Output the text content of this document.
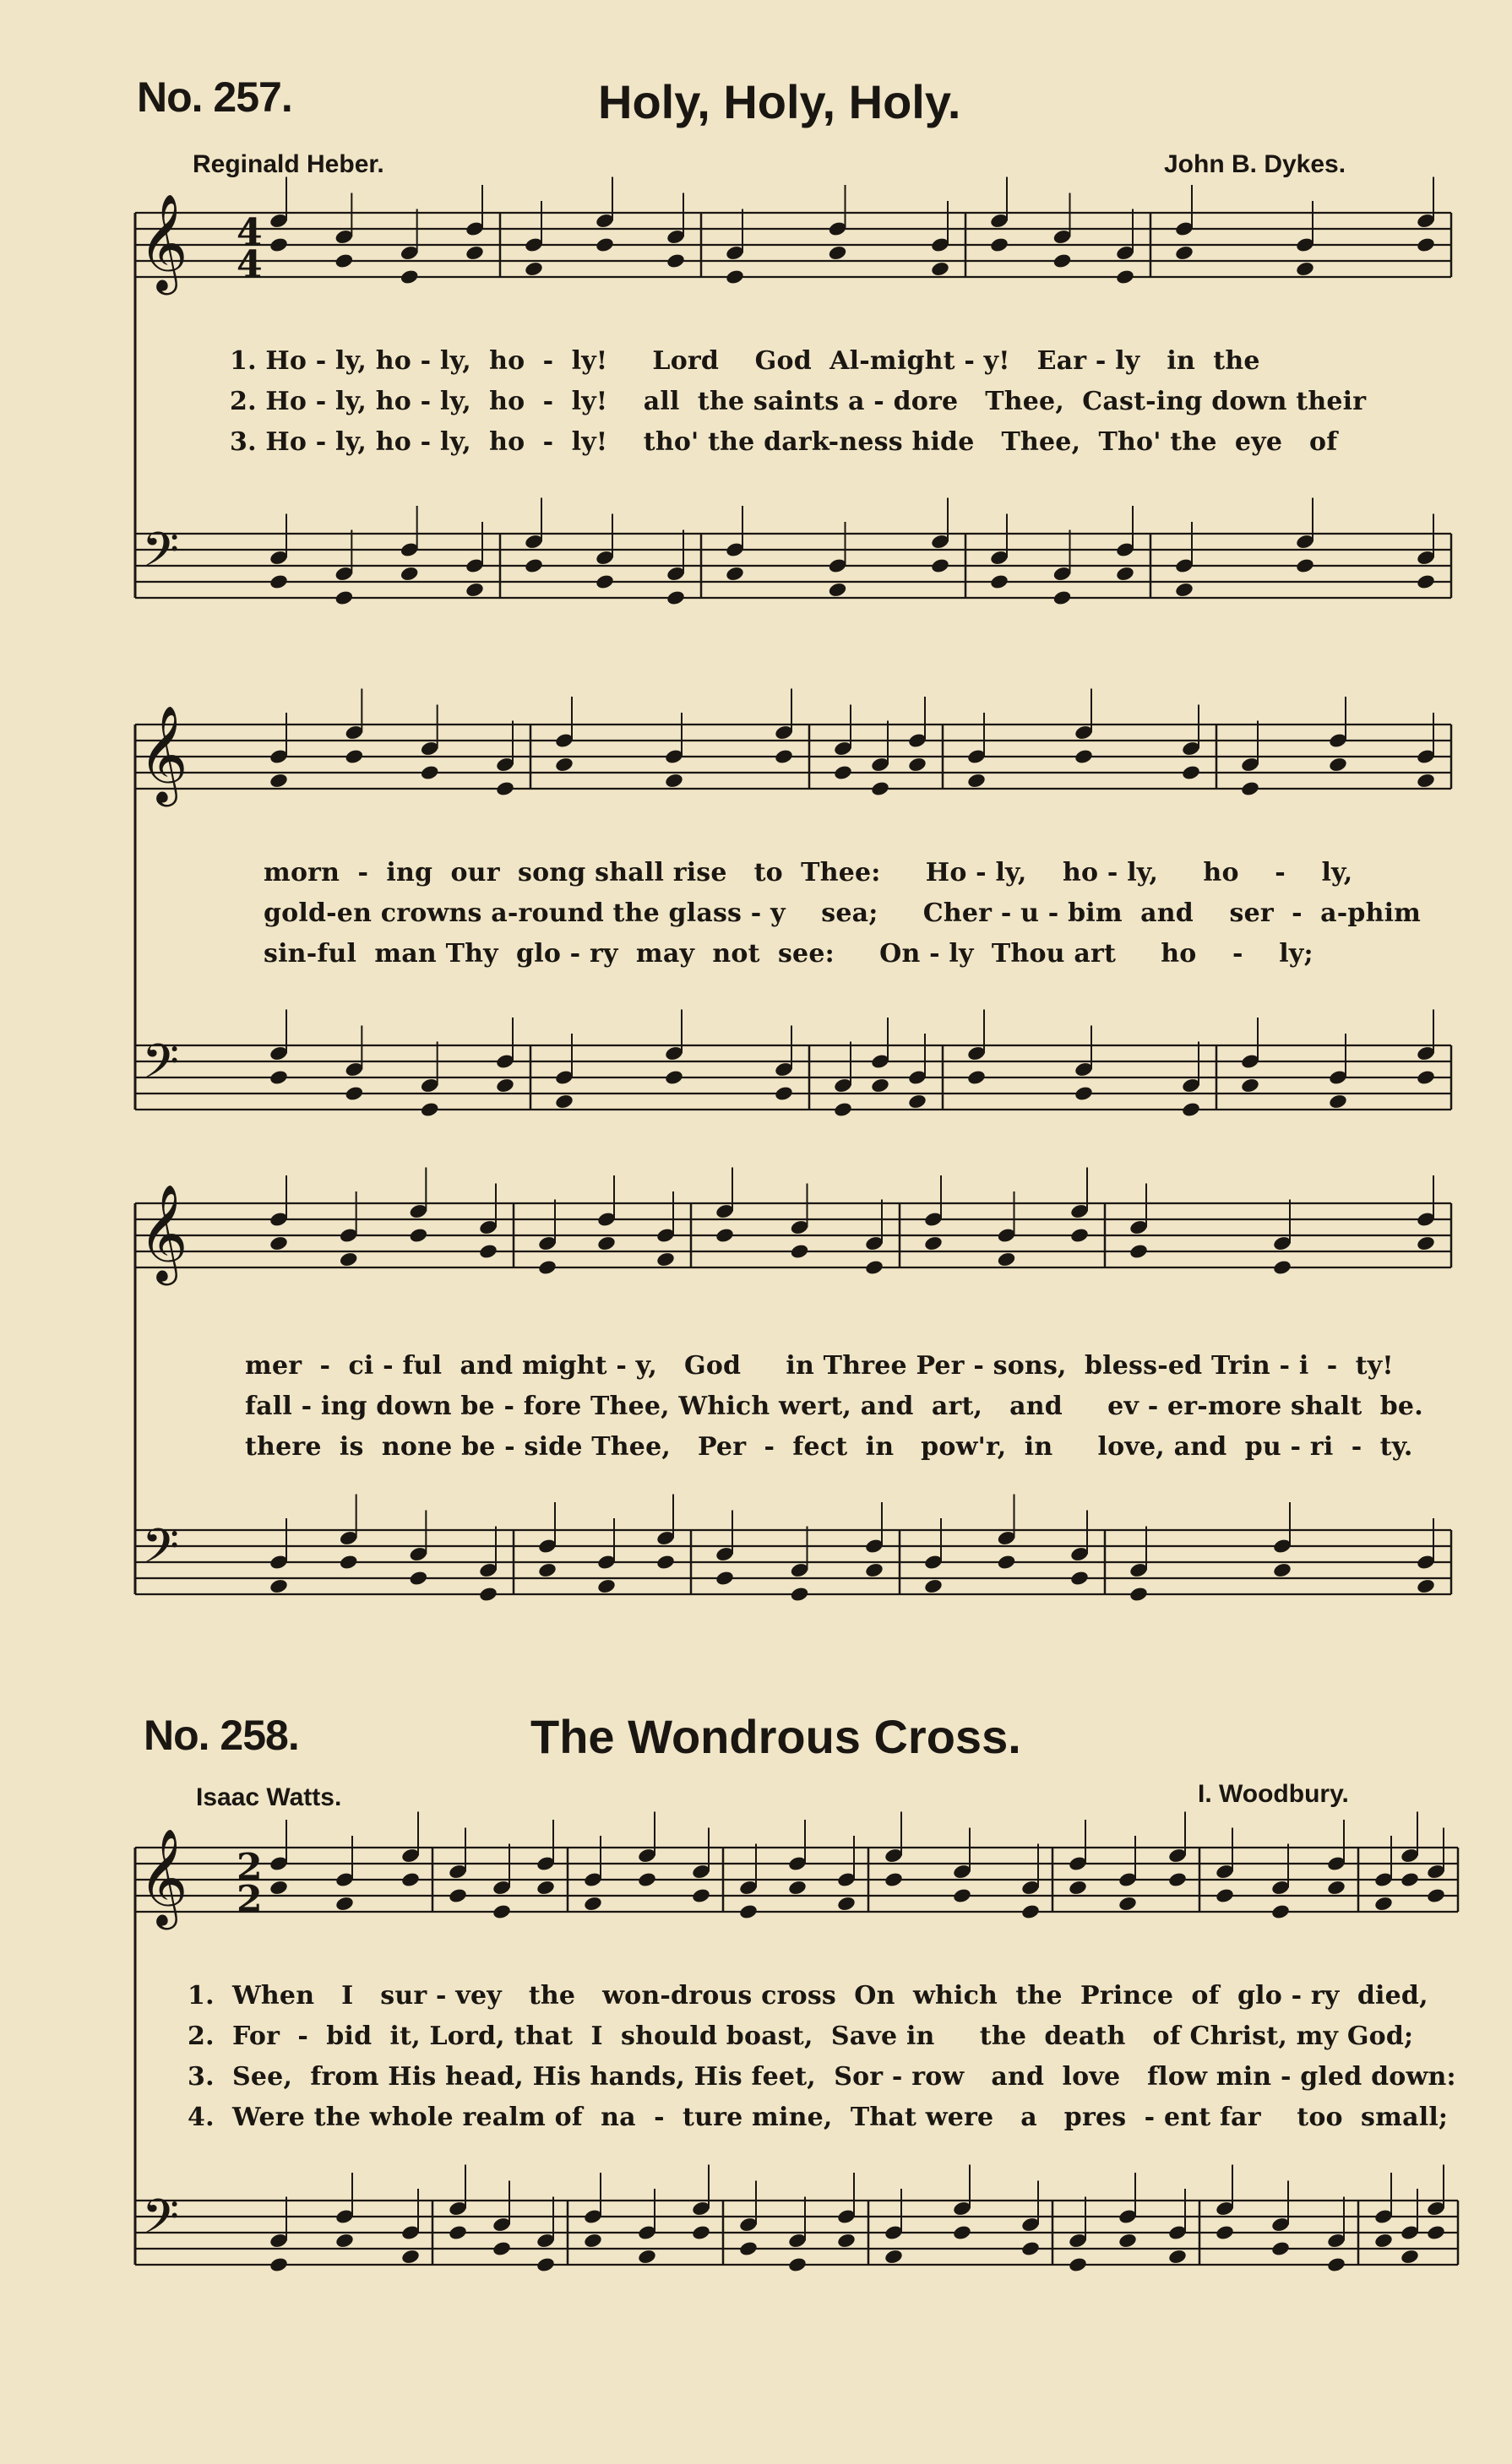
No. 257.	Holy, Holy, Holy.
Reginald Heber.	John B. Dykes.
1. Ho - ly, ho - ly,  ho  -  ly!     Lord    God  Al-might - y!   Ear - ly   in  the
2. Ho - ly, ho - ly,  ho  -  ly!    all  the saints a - dore   Thee,  Cast-ing down their
3. Ho - ly, ho - ly,  ho  -  ly!    tho' the dark-ness hide   Thee,  Tho' the  eye   of
morn  -  ing  our  song shall rise   to  Thee:     Ho - ly,    ho - ly,     ho    -    ly,
gold-en crowns a-round the glass - y    sea;     Cher - u - bim  and    ser  -  a-phim
sin-ful  man Thy  glo - ry  may  not  see:     On - ly  Thou art     ho    -    ly;
mer  -  ci - ful  and might - y,   God     in Three Per - sons,  bless-ed Trin - i  -  ty!
fall - ing down be - fore Thee, Which wert, and  art,   and     ev - er-more shalt  be.
there  is  none be - side Thee,   Per  -  fect  in   pow'r,  in     love, and  pu - ri  -  ty.
No. 258.	The Wondrous Cross.
Isaac Watts.	I. Woodbury.
1.  When   I   sur - vey   the   won-drous cross  On  which  the  Prince  of  glo - ry  died,
2.  For  -  bid  it, Lord, that  I  should boast,  Save in     the  death   of Christ, my God;
3.  See,  from His head, His hands, His feet,  Sor - row   and  love   flow min - gled down:
4.  Were the whole realm of  na  -  ture mine,  That were   a   pres  - ent far    too  small;
𝄞
𝄢
4
4
𝄞
𝄢
𝄞
𝄢
𝄞
𝄢
2
2
